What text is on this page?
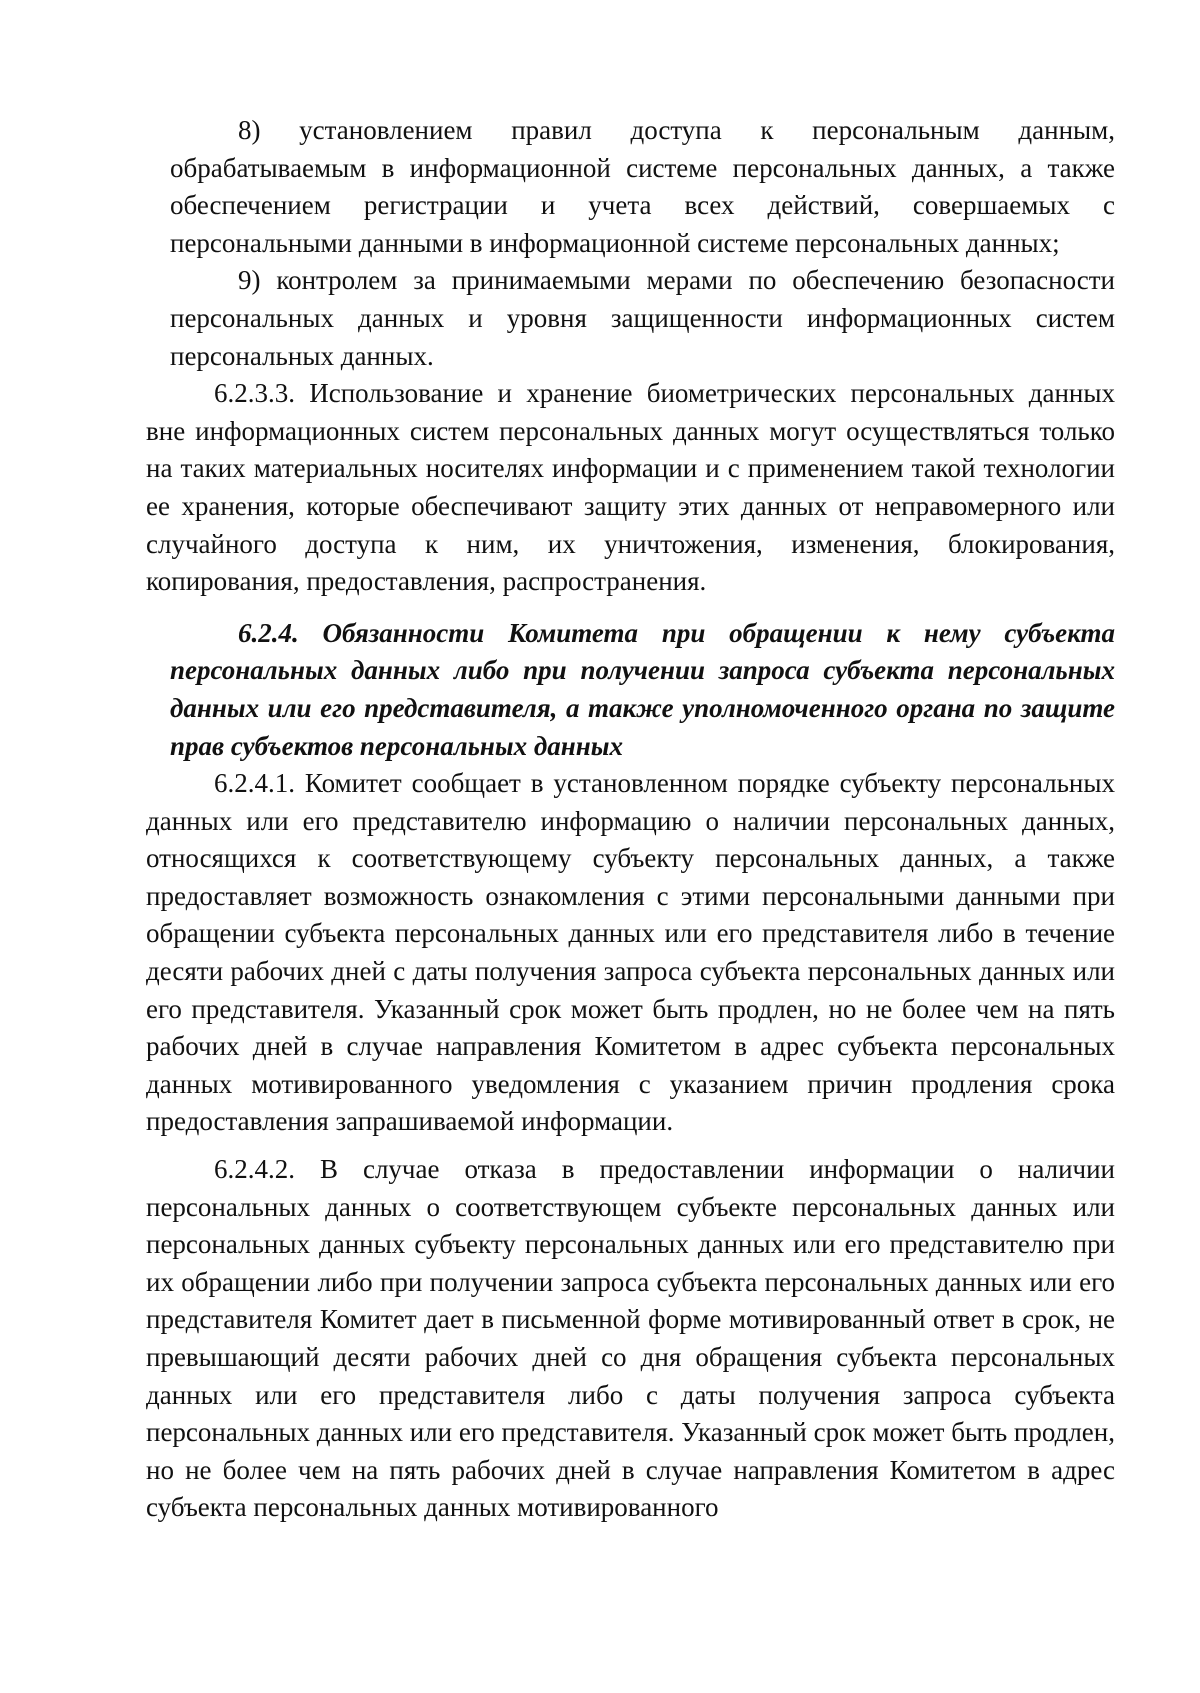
8) установлением правил доступа к персональным данным, обрабатываемым в информационной системе персональных данных, а также обеспечением регистрации и учета всех действий, совершаемых с персональными данными в информационной системе персональных данных;

9) контролем за принимаемыми мерами по обеспечению безопасности персональных данных и уровня защищенности информационных систем персональных данных.

6.2.3.3. Использование и хранение биометрических персональных данных вне информационных систем персональных данных могут осуществляться только на таких материальных носителях информации и с применением такой технологии ее хранения, которые обеспечивают защиту этих данных от неправомерного или случайного доступа к ним, их уничтожения, изменения, блокирования, копирования, предоставления, распространения.

6.2.4. Обязанности Комитета при обращении к нему субъекта персональных данных либо при получении запроса субъекта персональных данных или его представителя, а также уполномоченного органа по защите прав субъектов персональных данных

6.2.4.1. Комитет сообщает в установленном порядке субъекту персональных данных или его представителю информацию о наличии персональных данных, относящихся к соответствующему субъекту персональных данных, а также предоставляет возможность ознакомления с этими персональными данными при обращении субъекта персональных данных или его представителя либо в течение десяти рабочих дней с даты получения запроса субъекта персональных данных или его представителя. Указанный срок может быть продлен, но не более чем на пять рабочих дней в случае направления Комитетом в адрес субъекта персональных данных мотивированного уведомления с указанием причин продления срока предоставления запрашиваемой информации.

6.2.4.2. В случае отказа в предоставлении информации о наличии персональных данных о соответствующем субъекте персональных данных или персональных данных субъекту персональных данных или его представителю при их обращении либо при получении запроса субъекта персональных данных или его представителя Комитет дает в письменной форме мотивированный ответ в срок, не превышающий десяти рабочих дней со дня обращения субъекта персональных данных или его представителя либо с даты получения запроса субъекта персональных данных или его представителя. Указанный срок может быть продлен, но не более чем на пять рабочих дней в случае направления Комитетом в адрес субъекта персональных данных мотивированного
